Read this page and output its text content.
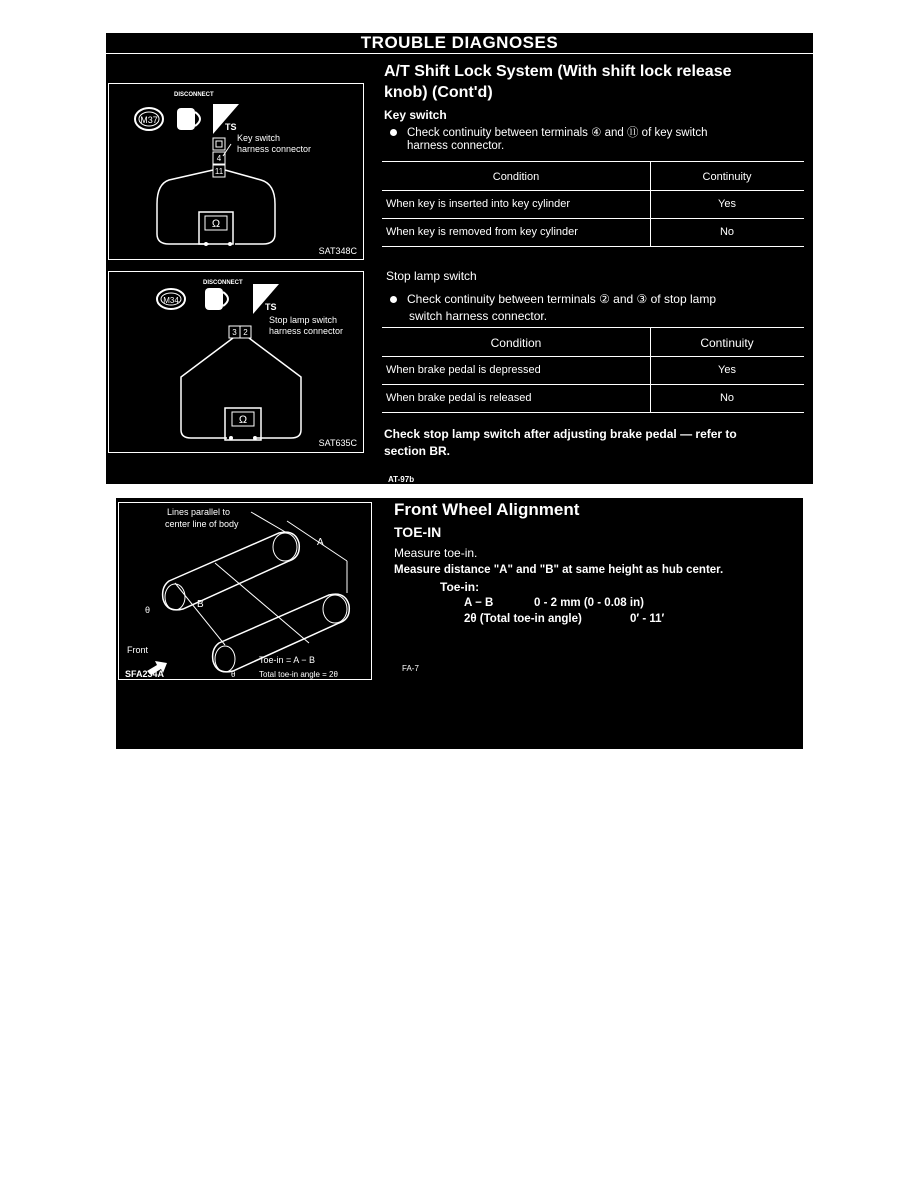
TROUBLE DIAGNOSES
M37
DISCONNECT
TS
4
11
Key switch
harness connector
Ω
SAT348C
M34
DISCONNECT
TS
3 2
Stop lamp switch
harness connector
Ω
SAT635C
A/T Shift Lock System (With shift lock release
knob) (Cont'd)
Key switch
Check continuity between terminals ④ and ⑪ of key switch
harness connector.
Condition	Continuity
When key is inserted into key cylinder	Yes
When key is removed from key cylinder	No
Stop lamp switch
Check continuity between terminals ② and ③ of stop lamp
switch harness connector.
Condition	Continuity
When brake pedal is depressed	Yes
When brake pedal is released	No
Check stop lamp switch after adjusting brake pedal — refer to
section BR.
AT-97b
Lines parallel to
center line of body
A
B
θ
Front
Toe-in = A − B
θ	Total toe-in angle = 2θ
SFA234A
Front Wheel Alignment
TOE-IN
Measure toe-in.
Measure distance "A" and "B" at same height as hub center.
Toe-in:
A − B	0 - 2 mm (0 - 0.08 in)
2θ (Total toe-in angle)	0′ - 11′
FA-7
